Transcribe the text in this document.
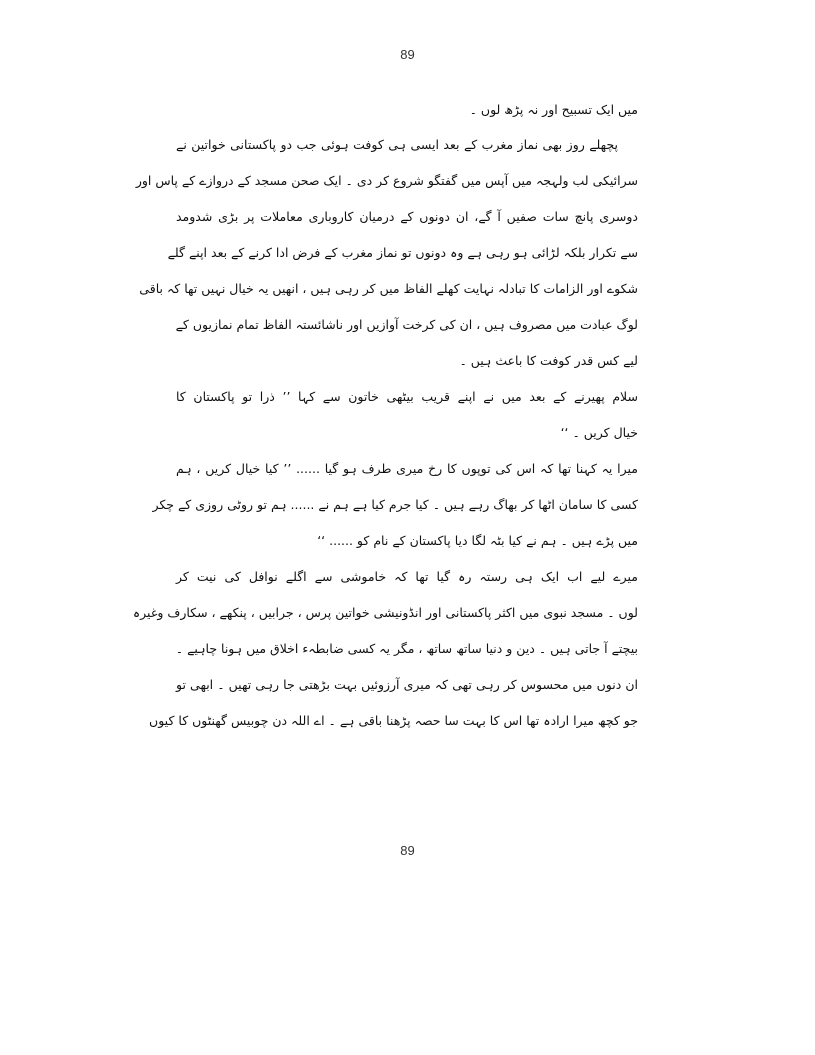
89
میں ایک تسبیح اور نہ پڑھ لوں ۔
پچھلے روز بھی نماز مغرب کے بعد ایسی ہی کوفت ہوئی جب دو پاکستانی خواتین نے
سرائیکی لب ولہجہ میں آپس میں گفتگو شروع کر دی ۔ ایک صحن مسجد کے دروازے کے پاس اور
دوسری پانچ سات صفیں آ گے، ان دونوں کے درمیان کاروباری معاملات پر بڑی شدومد
سے تکرار بلکہ لڑائی ہو رہی ہے وہ دونوں تو نماز مغرب کے فرض ادا کرنے کے بعد اپنے گلے
شکوے اور الزامات کا تبادلہ نہایت کھلے الفاظ میں کر رہی ہیں ، انھیں یہ خیال نہیں تھا کہ باقی
لوگ عبادت میں مصروف ہیں ، ان کی کرخت آوازیں اور ناشائستہ الفاظ تمام نمازیوں کے
لیے کس قدر کوفت کا باعث ہیں ۔
سلام پھیرنے کے بعد میں نے اپنے قریب بیٹھی خاتون سے کہا ’’ ذرا تو پاکستان کا
خیال کریں ۔ ‘‘
میرا یہ کہنا تھا کہ اس کی توپوں کا رخ میری طرف ہو گیا ...... ’’ کیا خیال کریں ، ہم
کسی کا سامان اٹھا کر بھاگ رہے ہیں ۔ کیا جرم کیا ہے ہم نے ...... ہم تو روٹی روزی کے چکر
میں پڑے ہیں ۔ ہم نے کیا بٹہ لگا دیا پاکستان کے نام کو ...... ‘‘
میرے لیے اب ایک ہی رستہ رہ گیا تھا کہ خاموشی سے اگلے نوافل کی نیت کر
لوں ۔ مسجد نبوی میں اکثر پاکستانی اور انڈونیشی خواتین پرس ، جرابیں ، پنکھے ، سکارف وغیرہ
بیچتے آ جاتی ہیں ۔ دین و دنیا ساتھ ساتھ ، مگر یہ کسی ضابطہء اخلاق میں ہونا چاہیے ۔
ان دنوں میں محسوس کر رہی تھی کہ میری آرزوئیں بہت بڑھتی جا رہی تھیں ۔ ابھی تو
جو کچھ میرا ارادہ تھا اس کا بہت سا حصہ پڑھنا باقی ہے ۔ اے اللہ دن چوبیس گھنٹوں کا کیوں
89
